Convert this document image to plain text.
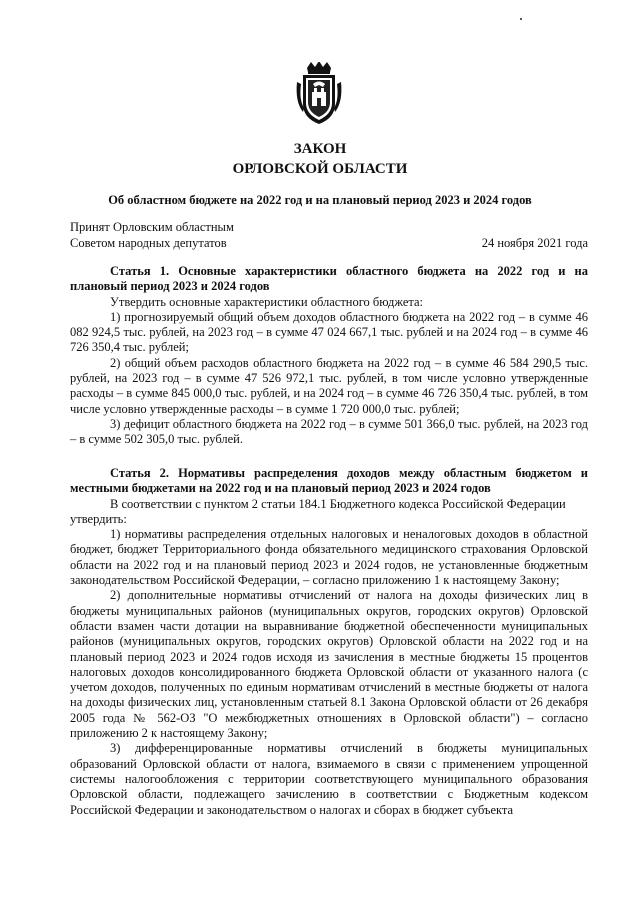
ЗАКОН
ОРЛОВСКОЙ ОБЛАСТИ
Об областном бюджете на 2022 год и на плановый период 2023 и 2024 годов
Принят Орловским областным
Советом народных депутатов	24 ноября 2021 года

Статья 1. Основные характеристики областного бюджета на 2022 год и на плановый период 2023 и 2024 годов

Утвердить основные характеристики областного бюджета:

1) прогнозируемый общий объем доходов областного бюджета на 2022 год – в сумме 46 082 924,5 тыс. рублей, на 2023 год – в сумме 47 024 667,1 тыс. рублей и на 2024 год – в сумме 46 726 350,4 тыс. рублей;

2) общий объем расходов областного бюджета на 2022 год – в сумме 46 584 290,5 тыс. рублей, на 2023 год – в сумме 47 526 972,1 тыс. рублей, в том числе условно утвержденные расходы – в сумме 845 000,0 тыс. рублей, и на 2024 год – в сумме 46 726 350,4 тыс. рублей, в том числе условно утвержденные расходы – в сумме 1 720 000,0 тыс. рублей;

3) дефицит областного бюджета на 2022 год – в сумме 501 366,0 тыс. рублей, на 2023 год – в сумме 502 305,0 тыс. рублей.

Статья 2. Нормативы распределения доходов между областным бюджетом и местными бюджетами на 2022 год и на плановый период 2023 и 2024 годов

В соответствии с пунктом 2 статьи 184.1 Бюджетного кодекса Российской Федерации

утвердить:

1) нормативы распределения отдельных налоговых и неналоговых доходов в областной бюджет, бюджет Территориального фонда обязательного медицинского страхования Орловской области на 2022 год и на плановый период 2023 и 2024 годов, не установленные бюджетным законодательством Российской Федерации, – согласно приложению 1 к настоящему Закону;

2) дополнительные нормативы отчислений от налога на доходы физических лиц в бюджеты муниципальных районов (муниципальных округов, городских округов) Орловской области взамен части дотации на выравнивание бюджетной обеспеченности муниципальных районов (муниципальных округов, городских округов) Орловской области на 2022 год и на плановый период 2023 и 2024 годов исходя из зачисления в местные бюджеты 15 процентов налоговых доходов консолидированного бюджета Орловской области от указанного налога (с учетом доходов, полученных по единым нормативам отчислений в местные бюджеты от налога на доходы физических лиц, установленным статьей 8.1 Закона Орловской области от 26 декабря 2005 года № 562-ОЗ "О межбюджетных отношениях в Орловской области") – согласно приложению 2 к настоящему Закону;

3) дифференцированные нормативы отчислений в бюджеты муниципальных образований Орловской области от налога, взимаемого в связи с применением упрощенной системы налогообложения с территории соответствующего муниципального образования Орловской области, подлежащего зачислению в соответствии с Бюджетным кодексом Российской Федерации и законодательством о налогах и сборах в бюджет субъекта
